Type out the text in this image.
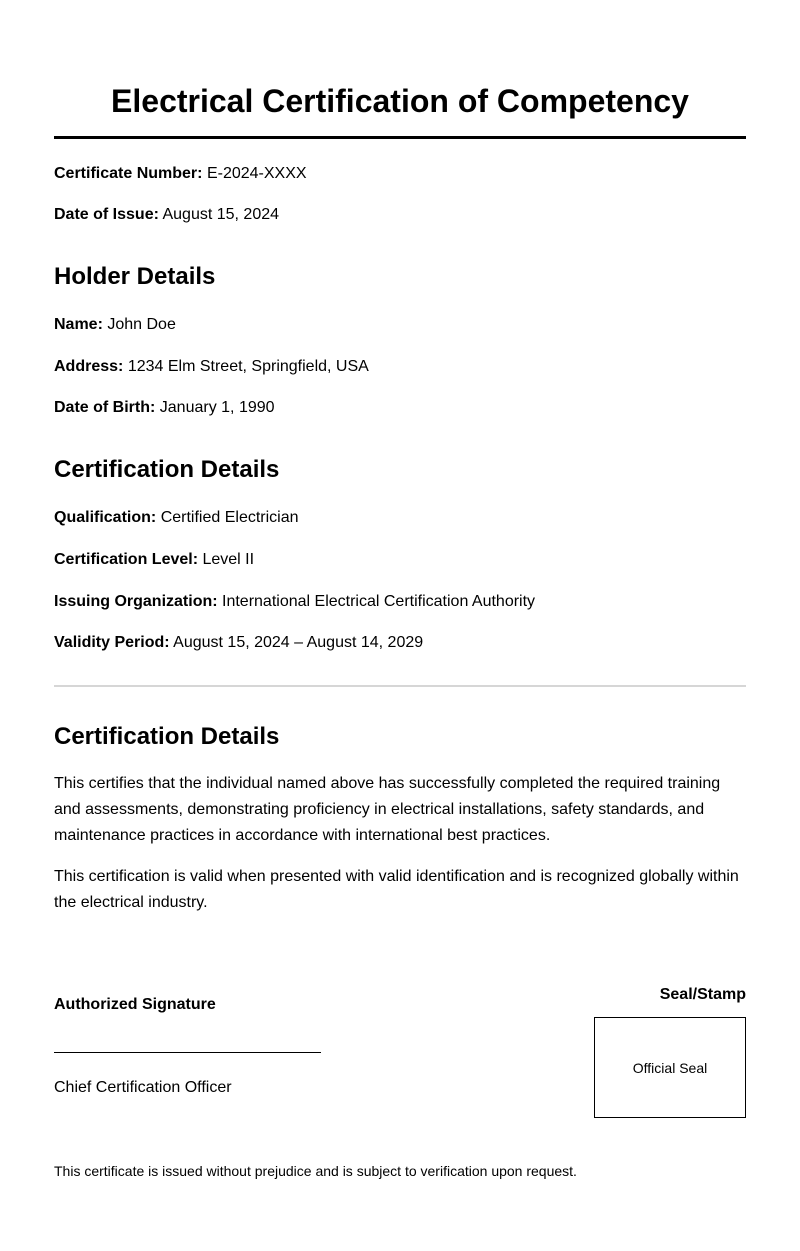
Electrical Certification of Competency
Certificate Number: E-2024-XXXX
Date of Issue: August 15, 2024
Holder Details
Name: John Doe
Address: 1234 Elm Street, Springfield, USA
Date of Birth: January 1, 1990
Certification Details
Qualification: Certified Electrician
Certification Level: Level II
Issuing Organization: International Electrical Certification Authority
Validity Period: August 15, 2024 – August 14, 2029
Certification Details

This certifies that the individual named above has successfully completed the required training and assessments, demonstrating proficiency in electrical installations, safety standards, and maintenance practices in accordance with international best practices.

This certification is valid when presented with valid identification and is recognized globally within the electrical industry.

Authorized Signature
Chief Certification Officer
Seal/Stamp
Official Seal
This certificate is issued without prejudice and is subject to verification upon request.
